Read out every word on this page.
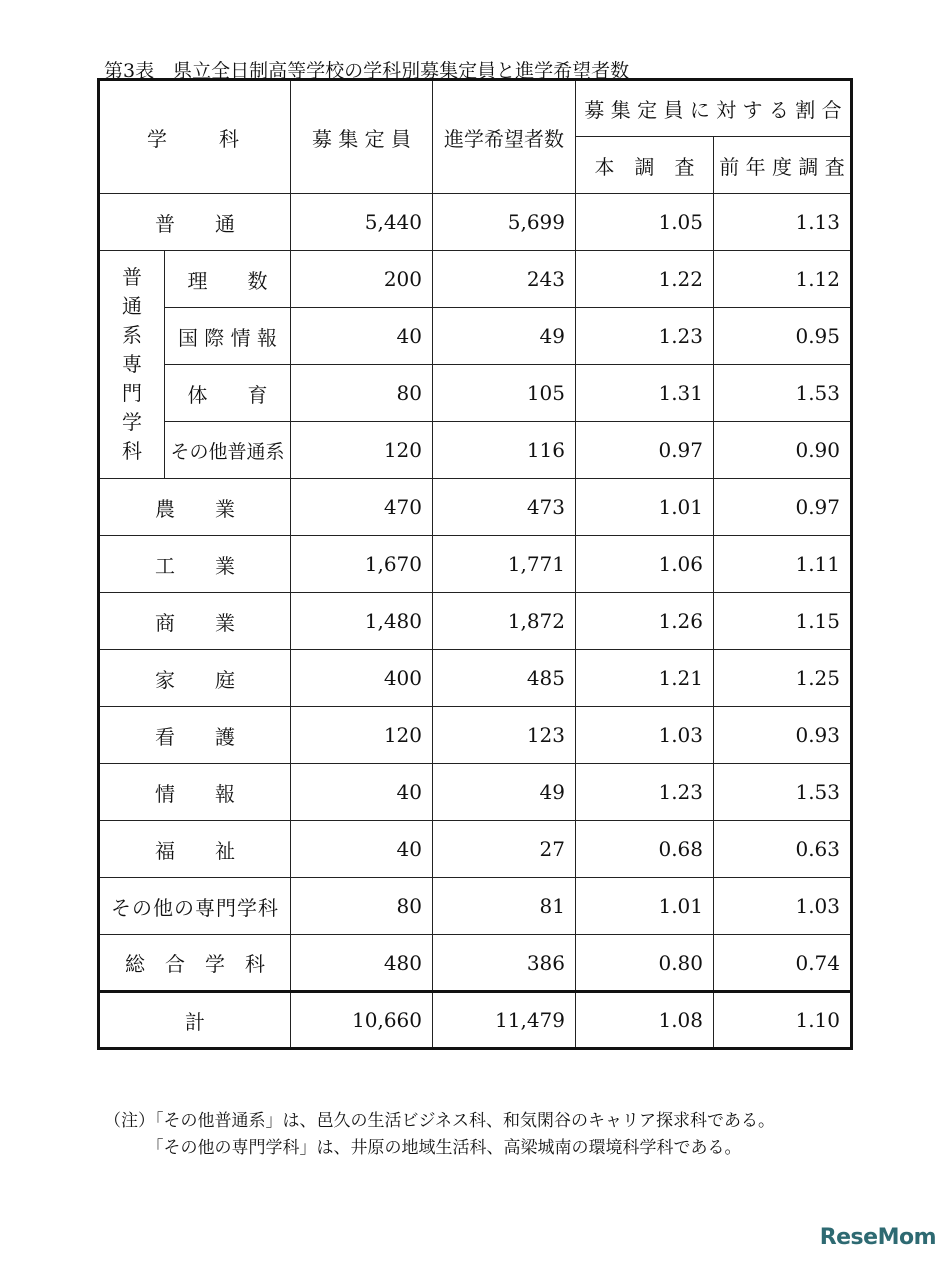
第3表　県立全日制高等学校の学科別募集定員と進学希望者数
学　　科		募 集 定 員	進学希望者数	募 集 定 員 に 対 す る 割 合	
				本　調　査	前 年 度 調 査
普　　通		5,440	5,699	1.05	1.13

普通系専門学科	理　　数	200	243	1.22	1.12
	国 際 情 報	40	49	1.23	0.95
	体　　育	80	105	1.31	1.53
	その他普通系	120	116	0.97	0.90
農　　業		470	473	1.01	0.97
工　　業		1,670	1,771	1.06	1.11
商　　業		1,480	1,872	1.26	1.15
家　　庭		400	485	1.21	1.25
看　　護		120	123	1.03	0.93
情　　報		40	49	1.23	1.53
福　　祉		40	27	0.68	0.63
その他の専門学科		80	81	1.01	1.03
総　合　学　科		480	386	0.80	0.74
計		10,660	11,479	1.08	1.10
（注）「その他普通系」は、邑久の生活ビジネス科、和気閑谷のキャリア探求科である。
　　　「その他の専門学科」は、井原の地域生活科、高梁城南の環境科学科である。
ReseMom
